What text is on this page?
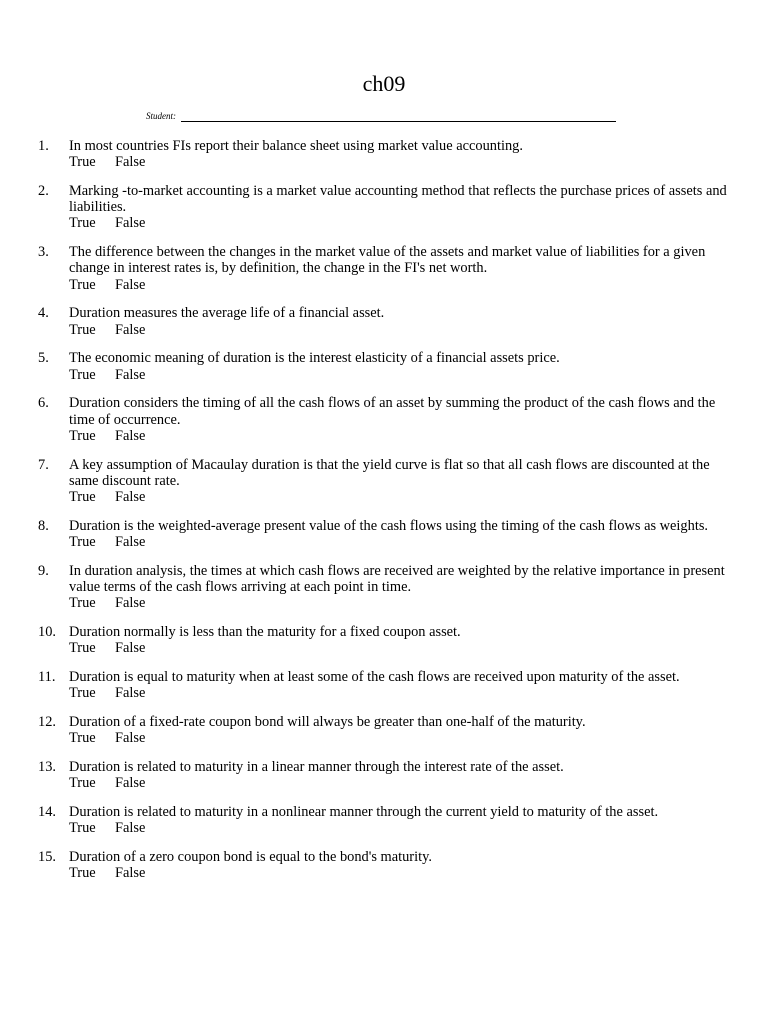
ch09
Student:
1.	In most countries FIs report their balance sheet using market value accounting.
True	False
2.	Marking -to-market accounting is a market value accounting method that reflects the purchase prices of assets and liabilities.
True	False
3.	The difference between the changes in the market value of the assets and market value of liabilities for a given change in interest rates is, by definition, the change in the FI's net worth.
True	False
4.	Duration measures the average life of a financial asset.
True	False
5.	The economic meaning of duration is the interest elasticity of a financial assets price.
True	False
6.	Duration considers the timing of all the cash flows of an asset by summing the product of the cash flows and the time of occurrence.
True	False
7.	A key assumption of Macaulay duration is that the yield curve is flat so that all cash flows are discounted at the same discount rate.
True	False
8.	Duration is the weighted-average present value of the cash flows using the timing of the cash flows as weights.
True	False
9.	In duration analysis, the times at which cash flows are received are weighted by the relative importance in present value terms of the cash flows arriving at each point in time.
True	False
10. Duration normally is less than the maturity for a fixed coupon asset.
True	False
11. Duration is equal to maturity when at least some of the cash flows are received upon maturity of the asset.
True	False
12. Duration of a fixed-rate coupon bond will always be greater than one-half of the maturity.
True	False
13. Duration is related to maturity in a linear manner through the interest rate of the asset.
True	False
14. Duration is related to maturity in a nonlinear manner through the current yield to maturity of the asset.
True	False
15. Duration of a zero coupon bond is equal to the bond's maturity.
True	False
